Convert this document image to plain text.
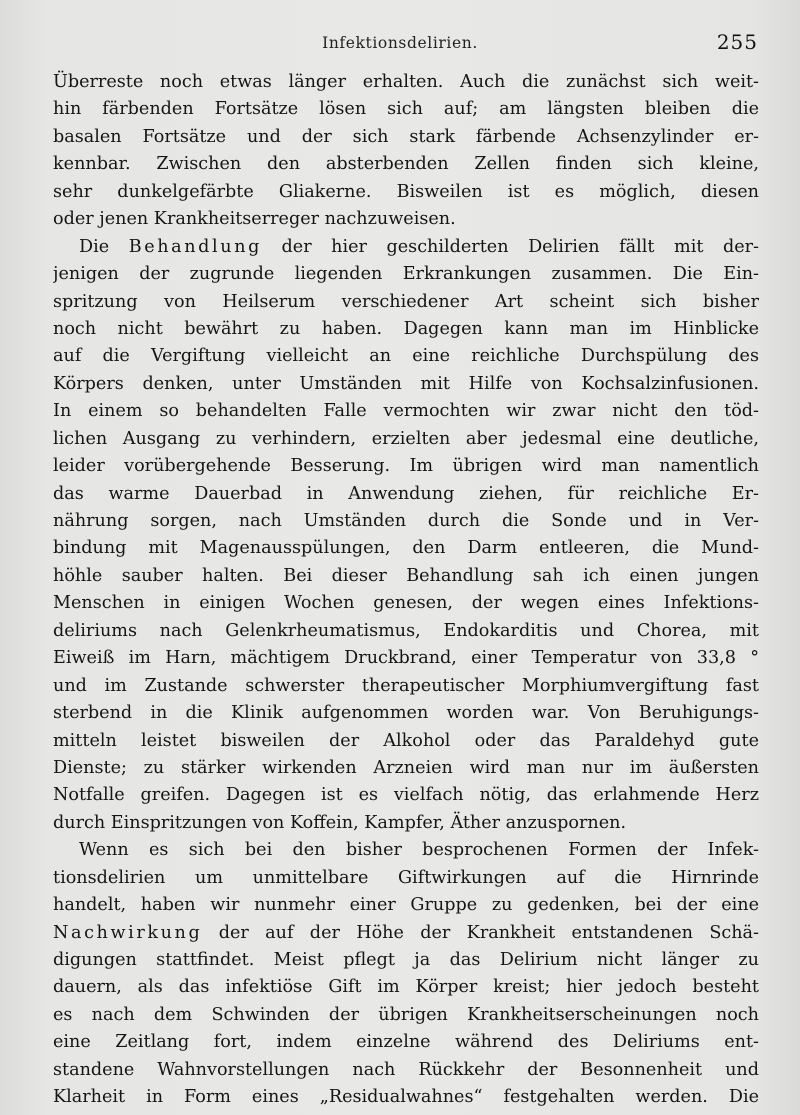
Infektionsdelirien.	255
Überreste noch etwas länger erhalten. Auch die zunächst sich weit-
hin färbenden Fortsätze lösen sich auf; am längsten bleiben die
basalen Fortsätze und der sich stark färbende Achsenzylinder er-
kennbar. Zwischen den absterbenden Zellen finden sich kleine,
sehr dunkelgefärbte Gliakerne. Bisweilen ist es möglich, diesen
oder jenen Krankheitserreger nachzuweisen.
Die Behandlung der hier geschilderten Delirien fällt mit der-
jenigen der zugrunde liegenden Erkrankungen zusammen. Die Ein-
spritzung von Heilserum verschiedener Art scheint sich bisher
noch nicht bewährt zu haben. Dagegen kann man im Hinblicke
auf die Vergiftung vielleicht an eine reichliche Durchspülung des
Körpers denken, unter Umständen mit Hilfe von Kochsalzinfusionen.
In einem so behandelten Falle vermochten wir zwar nicht den töd-
lichen Ausgang zu verhindern, erzielten aber jedesmal eine deutliche,
leider vorübergehende Besserung. Im übrigen wird man namentlich
das warme Dauerbad in Anwendung ziehen, für reichliche Er-
nährung sorgen, nach Umständen durch die Sonde und in Ver-
bindung mit Magenausspülungen, den Darm entleeren, die Mund-
höhle sauber halten. Bei dieser Behandlung sah ich einen jungen
Menschen in einigen Wochen genesen, der wegen eines Infektions-
deliriums nach Gelenkrheumatismus, Endokarditis und Chorea, mit
Eiweiß im Harn, mächtigem Druckbrand, einer Temperatur von 33,8 °
und im Zustande schwerster therapeutischer Morphiumvergiftung fast
sterbend in die Klinik aufgenommen worden war. Von Beruhigungs-
mitteln leistet bisweilen der Alkohol oder das Paraldehyd gute
Dienste; zu stärker wirkenden Arzneien wird man nur im äußersten
Notfalle greifen. Dagegen ist es vielfach nötig, das erlahmende Herz
durch Einspritzungen von Koffein, Kampfer, Äther anzuspornen.
Wenn es sich bei den bisher besprochenen Formen der Infek-
tionsdelirien um unmittelbare Giftwirkungen auf die Hirnrinde
handelt, haben wir nunmehr einer Gruppe zu gedenken, bei der eine
Nachwirkung der auf der Höhe der Krankheit entstandenen Schä-
digungen stattfindet. Meist pflegt ja das Delirium nicht länger zu
dauern, als das infektiöse Gift im Körper kreist; hier jedoch besteht
es nach dem Schwinden der übrigen Krankheitserscheinungen noch
eine Zeitlang fort, indem einzelne während des Deliriums ent-
standene Wahnvorstellungen nach Rückkehr der Besonnenheit und
Klarheit in Form eines „Residualwahnes“ festgehalten werden. Die
